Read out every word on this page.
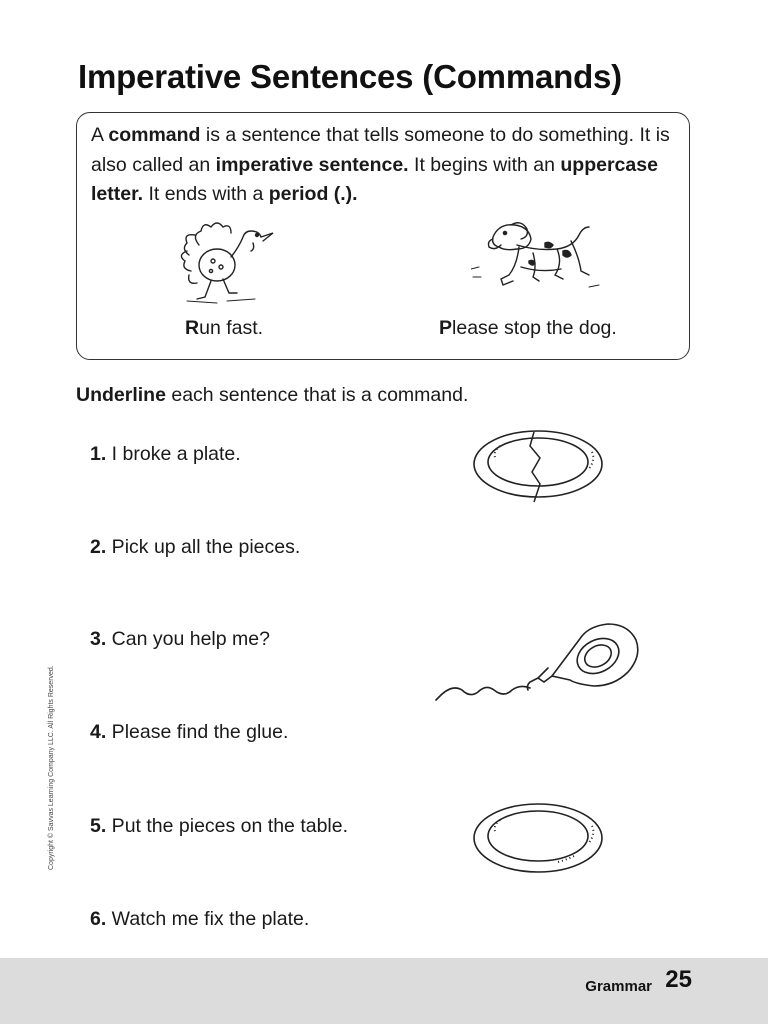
Imperative Sentences (Commands)

A command is a sentence that tells someone to do something. It is also called an imperative sentence. It begins with an uppercase letter. It ends with a period (.).

Run fast.	Please stop the dog.
Underline each sentence that is a command.
1. I broke a plate.
2. Pick up all the pieces.
3. Can you help me?
4. Please find the glue.
5. Put the pieces on the table.
6. Watch me fix the plate.
Copyright © Savvas Learning Company LLC. All Rights Reserved.
Grammar 25
